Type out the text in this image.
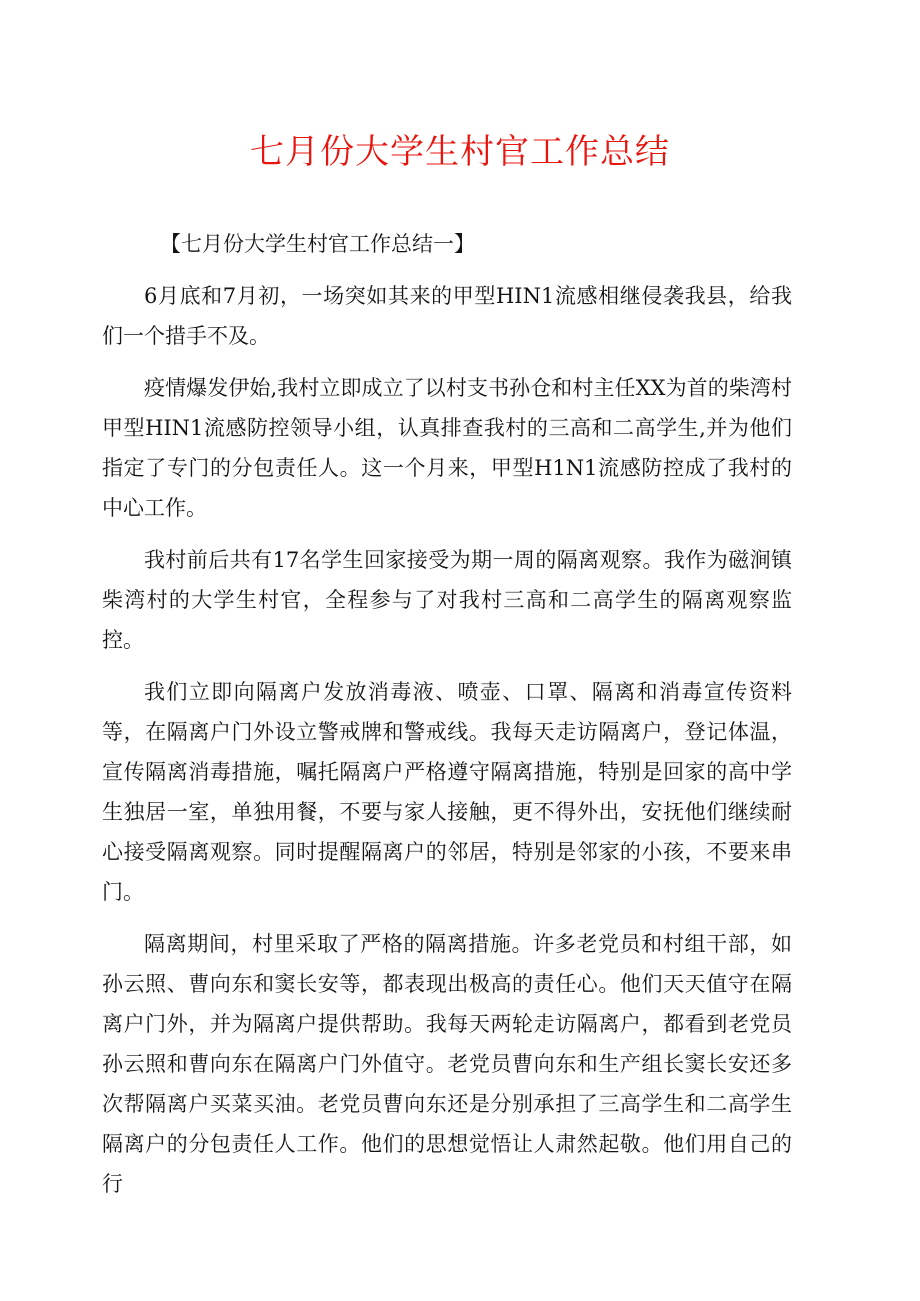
七月份大学生村官工作总结

【七月份大学生村官工作总结一】

6月底和7月初，一场突如其来的甲型HIN1流感相继侵袭我县，给我们一个措手不及。

疫情爆发伊始,我村立即成立了以村支书孙仓和村主任XX为首的柴湾村甲型HIN1流感防控领导小组，认真排查我村的三高和二高学生,并为他们指定了专门的分包责任人。这一个月来，甲型H1N1流感防控成了我村的中心工作。

我村前后共有17名学生回家接受为期一周的隔离观察。我作为磁涧镇柴湾村的大学生村官，全程参与了对我村三高和二高学生的隔离观察监控。

我们立即向隔离户发放消毒液、喷壶、口罩、隔离和消毒宣传资料等，在隔离户门外设立警戒牌和警戒线。我每天走访隔离户，登记体温，宣传隔离消毒措施，嘱托隔离户严格遵守隔离措施，特别是回家的高中学生独居一室，单独用餐，不要与家人接触，更不得外出，安抚他们继续耐心接受隔离观察。同时提醒隔离户的邻居，特别是邻家的小孩，不要来串门。

隔离期间，村里采取了严格的隔离措施。许多老党员和村组干部，如孙云照、曹向东和窦长安等，都表现出极高的责任心。他们天天值守在隔离户门外，并为隔离户提供帮助。我每天两轮走访隔离户，都看到老党员孙云照和曹向东在隔离户门外值守。老党员曹向东和生产组长窦长安还多次帮隔离户买菜买油。老党员曹向东还是分别承担了三高学生和二高学生隔离户的分包责任人工作。他们的思想觉悟让人肃然起敬。他们用自己的行
